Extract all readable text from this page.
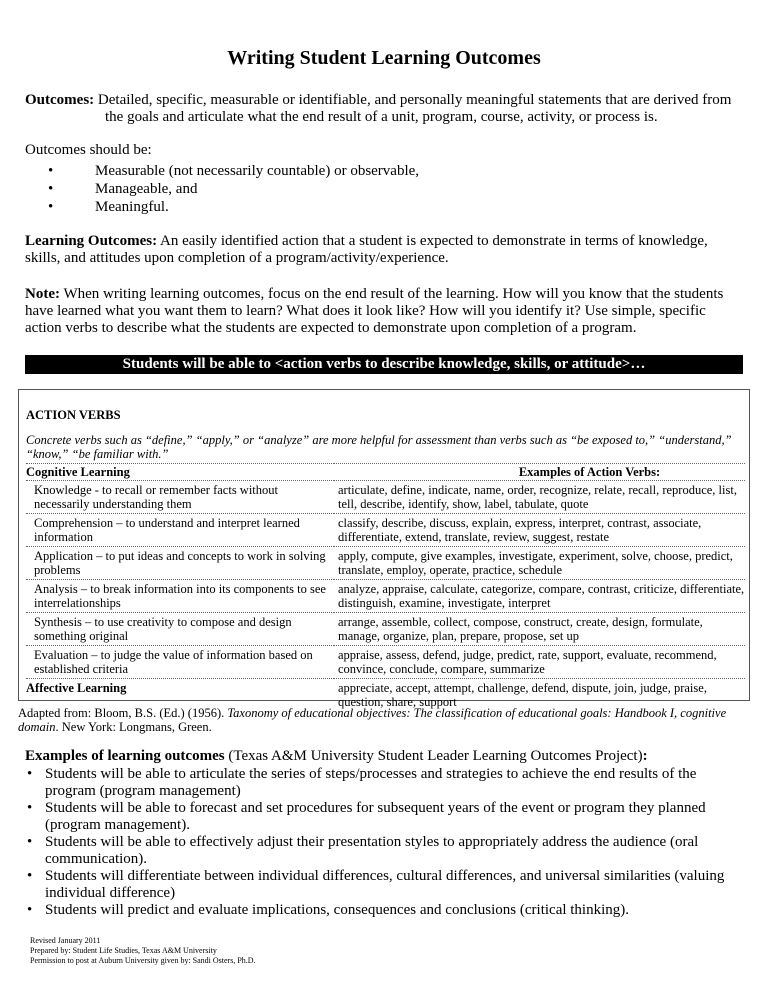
Writing Student Learning Outcomes

Outcomes: Detailed, specific, measurable or identifiable, and personally meaningful statements that are derived from the goals and articulate what the end result of a unit, program, course, activity, or process is.

Outcomes should be:

• Measurable (not necessarily countable) or observable,
• Manageable, and
• Meaningful.

Learning Outcomes: An easily identified action that a student is expected to demonstrate in terms of knowledge, skills, and attitudes upon completion of a program/activity/experience.

Note: When writing learning outcomes, focus on the end result of the learning. How will you know that the students have learned what you want them to learn? What does it look like? How will you identify it? Use simple, specific action verbs to describe what the students are expected to demonstrate upon completion of a program.

Students will be able to <action verbs to describe knowledge, skills, or attitude>…
ACTION VERBS
Concrete verbs such as “define,” “apply,” or “analyze” are more helpful for assessment than verbs such as “be exposed to,” “understand,” “know,” “be familiar with.”
Cognitive Learning	Examples of Action Verbs:
Knowledge - to recall or remember facts without necessarily understanding them	articulate, define, indicate, name, order, recognize, relate, recall, reproduce, list, tell, describe, identify, show, label, tabulate, quote
Comprehension – to understand and interpret learned information	classify, describe, discuss, explain, express, interpret, contrast, associate, differentiate, extend, translate, review, suggest, restate
Application – to put ideas and concepts to work in solving problems	apply, compute, give examples, investigate, experiment, solve, choose, predict, translate, employ, operate, practice, schedule
Analysis – to break information into its components to see interrelationships	analyze, appraise, calculate, categorize, compare, contrast, criticize, differentiate, distinguish, examine, investigate, interpret
Synthesis – to use creativity to compose and design something original	arrange, assemble, collect, compose, construct, create, design, formulate, manage, organize, plan, prepare, propose, set up
Evaluation – to judge the value of information based on established criteria	appraise, assess, defend, judge, predict, rate, support, evaluate, recommend, convince, conclude, compare, summarize
Affective Learning	appreciate, accept, attempt, challenge, defend, dispute, join, judge, praise, question, share, support
Adapted from: Bloom, B.S. (Ed.) (1956). Taxonomy of educational objectives: The classification of educational goals: Handbook I, cognitive domain. New York: Longmans, Green.

Examples of learning outcomes (Texas A&M University Student Leader Learning Outcomes Project):

• Students will be able to articulate the series of steps/processes and strategies to achieve the end results of the program (program management)
• Students will be able to forecast and set procedures for subsequent years of the event or program they planned (program management).
• Students will be able to effectively adjust their presentation styles to appropriately address the audience (oral communication).
• Students will differentiate between individual differences, cultural differences, and universal similarities (valuing individual difference)
• Students will predict and evaluate implications, consequences and conclusions (critical thinking).
Revised January 2011
Prepared by: Student Life Studies, Texas A&M University
Permission to post at Auburn University given by: Sandi Osters, Ph.D.
